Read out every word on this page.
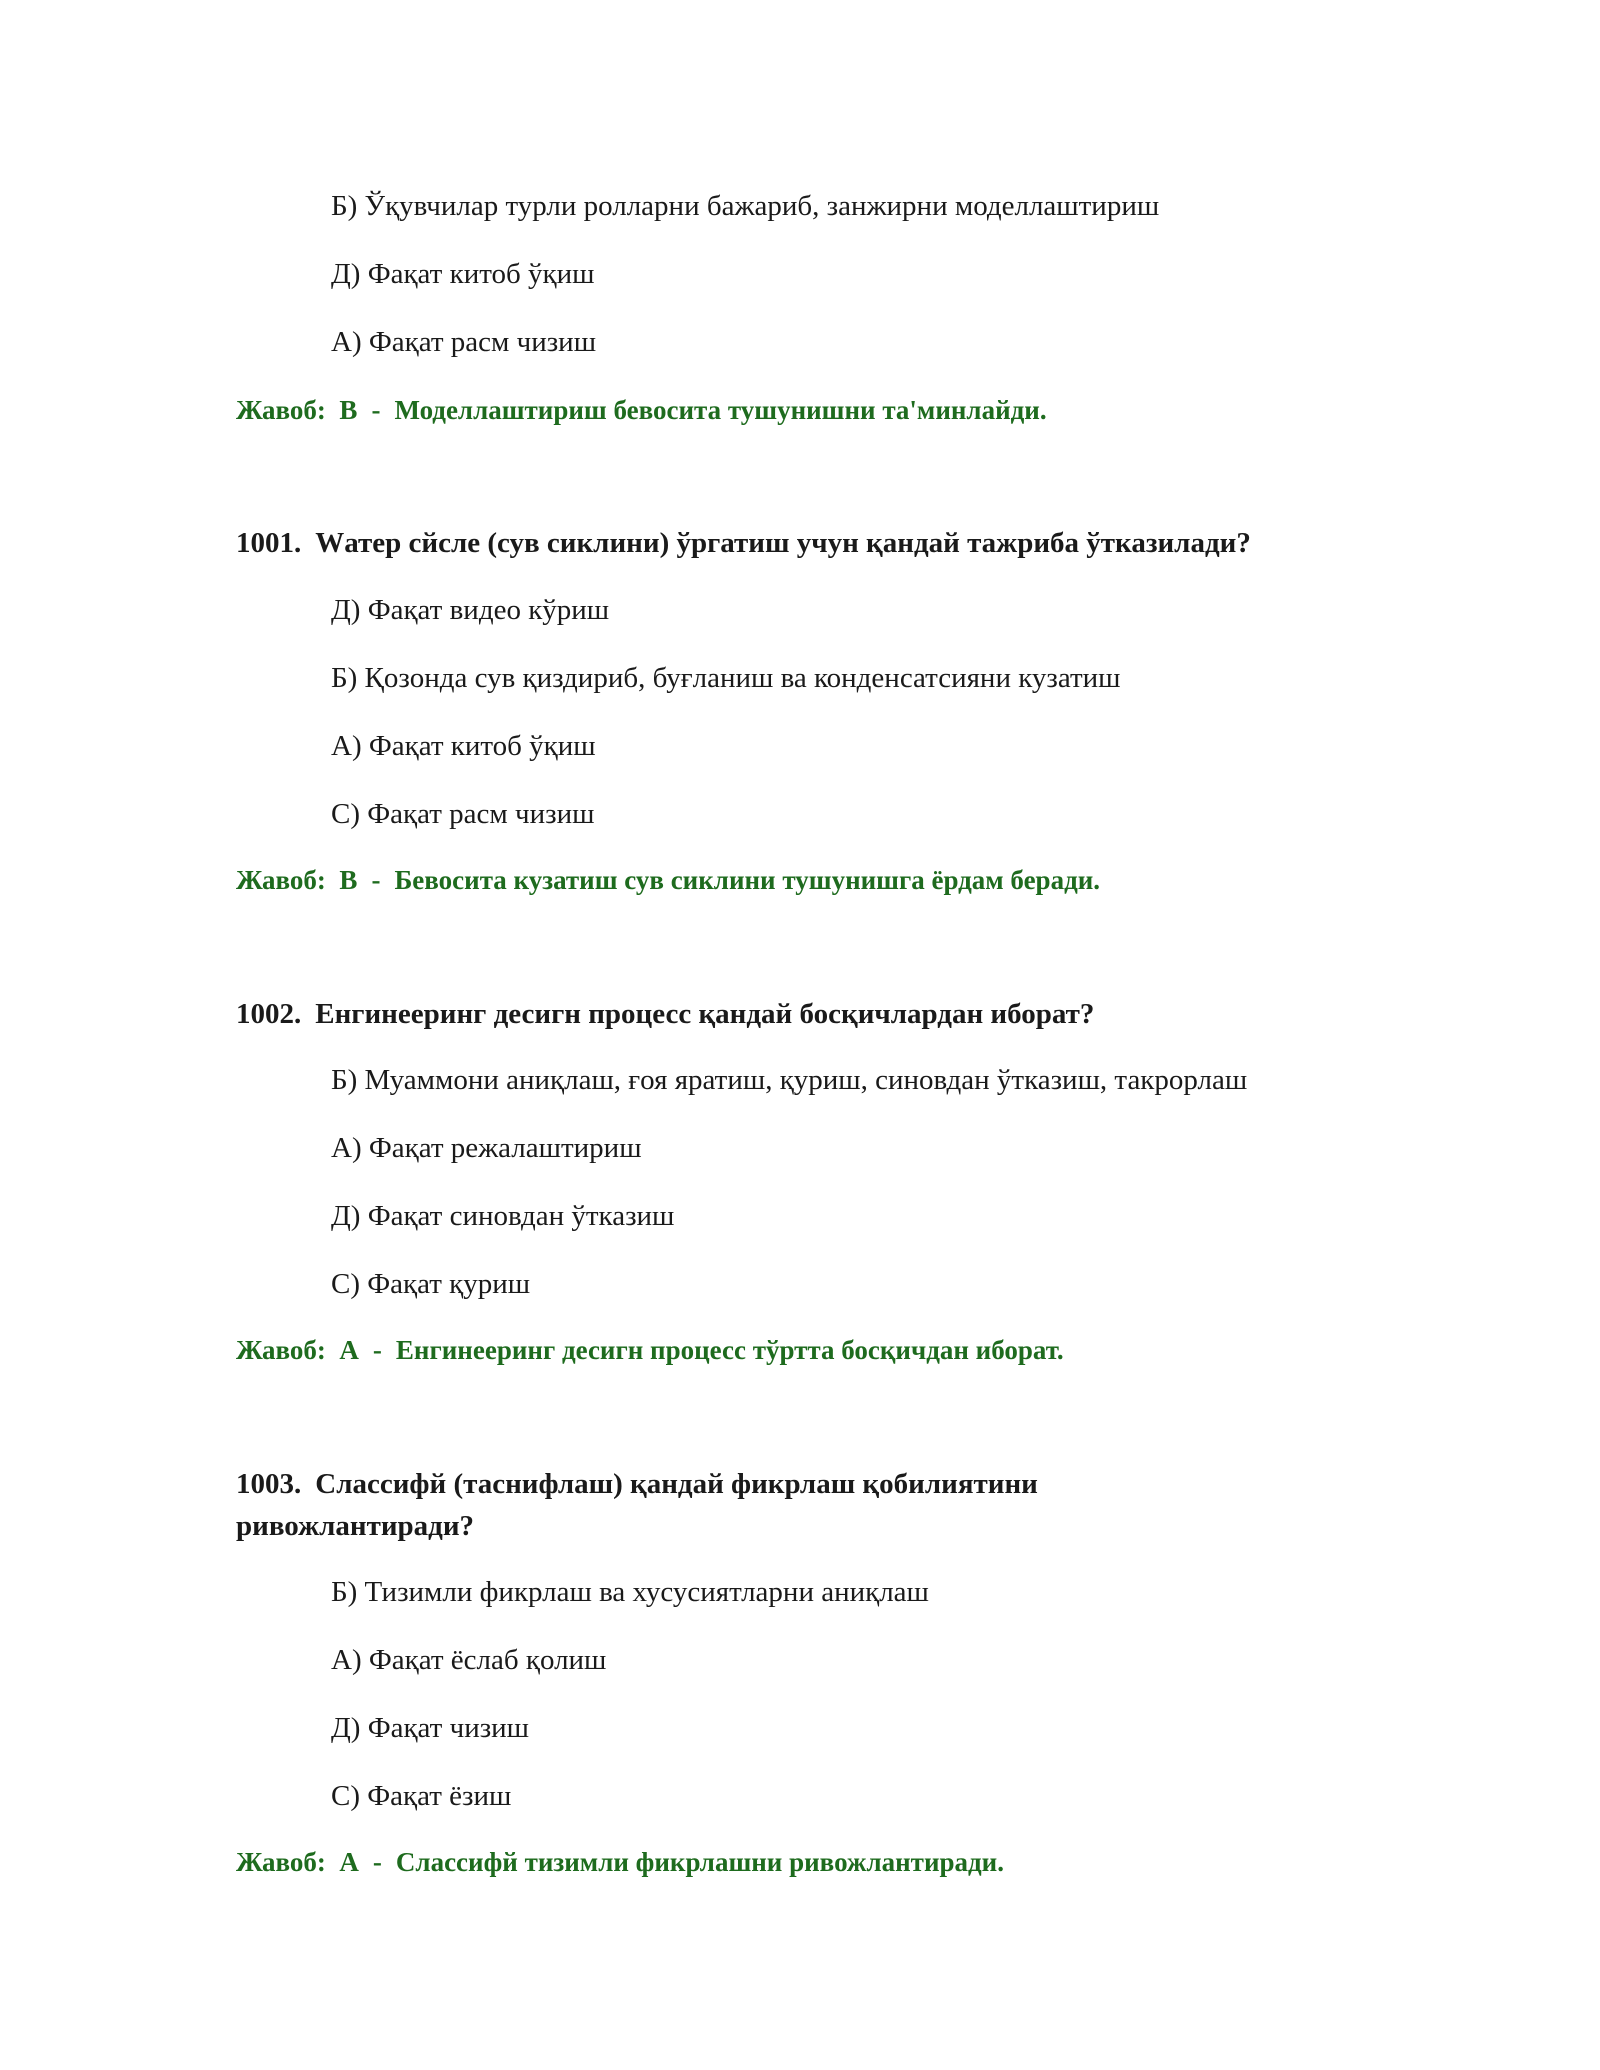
Б) Ўқувчилар турли ролларни бажариб, занжирни моделлаштириш
Д) Фақат китоб ўқиш
А) Фақат расм чизиш
Жавоб: В - Моделлаштириш бевосита тушунишни та'минлайди.
1001. Wатер сйсле (сув сиклини) ўргатиш учун қандай тажриба ўтказилади?
Д) Фақат видео кўриш
Б) Қозонда сув қиздириб, буғланиш ва конденсатсияни кузатиш
А) Фақат китоб ўқиш
С) Фақат расм чизиш
Жавоб: В - Бевосита кузатиш сув сиклини тушунишга ёрдам беради.
1002. Енгинееринг десигн процесс қандай босқичлардан иборат?
Б) Муаммони аниқлаш, ғоя яратиш, қуриш, синовдан ўтказиш, такрорлаш
А) Фақат режалаштириш
Д) Фақат синовдан ўтказиш
С) Фақат қуриш
Жавоб: А - Енгинееринг десигн процесс тўртта босқичдан иборат.
1003. Слассифй (таснифлаш) қандай фикрлаш қобилиятини
ривожлантиради?
Б) Тизимли фикрлаш ва хусусиятларни аниқлаш
А) Фақат ёслаб қолиш
Д) Фақат чизиш
С) Фақат ёзиш
Жавоб: А - Слассифй тизимли фикрлашни ривожлантиради.
